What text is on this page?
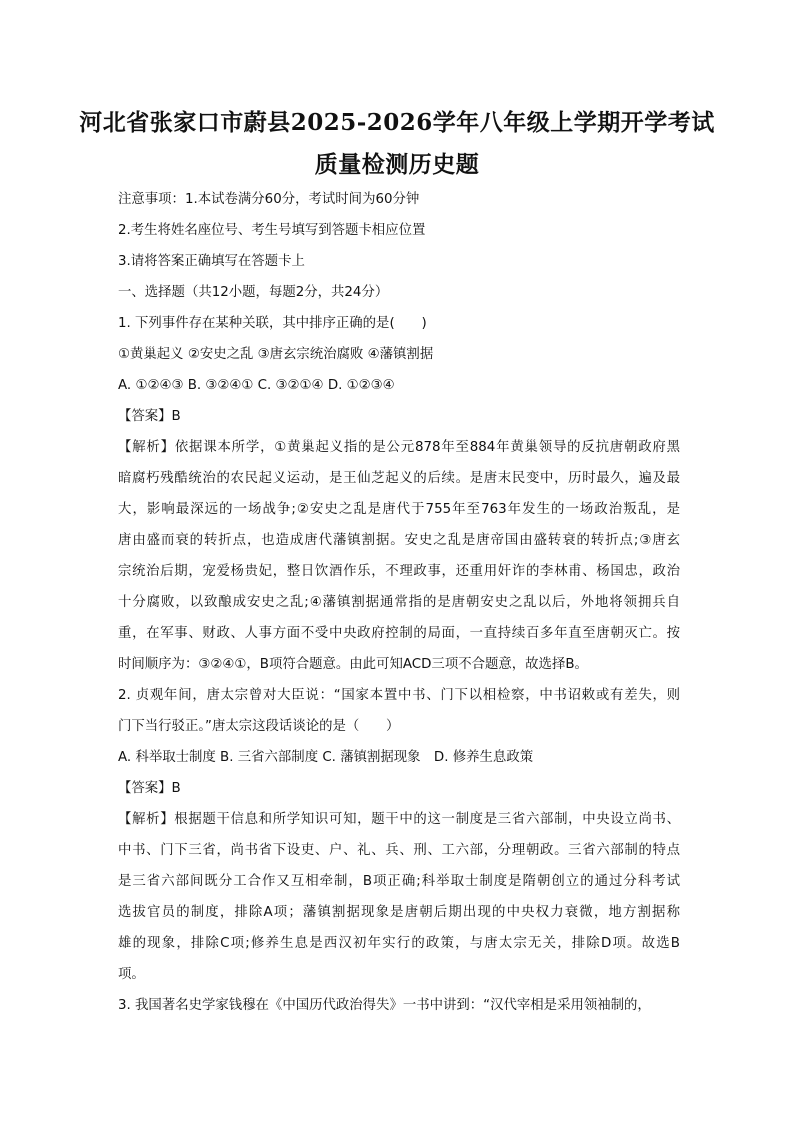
河北省张家口市蔚县2025-2026学年八年级上学期开学考试
质量检测历史题
注意事项：1.本试卷满分60分，考试时间为60分钟
2.考生将姓名座位号、考生号填写到答题卡相应位置
3.请将答案正确填写在答题卡上
一、选择题（共12小题，每题2分，共24分）
1. 下列事件存在某种关联，其中排序正确的是(　　)
①黄巢起义 ②安史之乱 ③唐玄宗统治腐败 ④藩镇割据
A. ①②④③ B. ③②④① C. ③②①④ D. ①②③④
【答案】B
【解析】依据课本所学，①黄巢起义指的是公元878年至884年黄巢领导的反抗唐朝政府黑
暗腐朽残酷统治的农民起义运动，是王仙芝起义的后续。是唐末民变中，历时最久，遍及最
大，影响最深远的一场战争;②安史之乱是唐代于755年至763年发生的一场政治叛乱，是
唐由盛而衰的转折点，也造成唐代藩镇割据。安史之乱是唐帝国由盛转衰的转折点;③唐玄
宗统治后期，宠爱杨贵妃，整日饮酒作乐，不理政事，还重用奸诈的李林甫、杨国忠，政治
十分腐败，以致酿成安史之乱;④藩镇割据通常指的是唐朝安史之乱以后，外地将领拥兵自
重，在军事、财政、人事方面不受中央政府控制的局面，一直持续百多年直至唐朝灭亡。按
时间顺序为：③②④①，B项符合题意。由此可知ACD三项不合题意，故选择B。
2. 贞观年间，唐太宗曾对大臣说：“国家本置中书、门下以相检察，中书诏敕或有差失，则
门下当行驳正。”唐太宗这段话谈论的是（　　）
A. 科举取士制度 B. 三省六部制度 C. 藩镇割据现象　D. 修养生息政策
【答案】B
【解析】根据题干信息和所学知识可知，题干中的这一制度是三省六部制，中央设立尚书、
中书、门下三省，尚书省下设吏、户、礼、兵、刑、工六部，分理朝政。三省六部制的特点
是三省六部间既分工合作又互相牵制，B项正确;科举取士制度是隋朝创立的通过分科考试
选拔官员的制度，排除A项；藩镇割据现象是唐朝后期出现的中央权力衰微，地方割据称
雄的现象，排除C项;修养生息是西汉初年实行的政策，与唐太宗无关，排除D项。故选B
项。
3. 我国著名史学家钱穆在《中国历代政治得失》一书中讲到：“汉代宰相是采用领袖制的，
